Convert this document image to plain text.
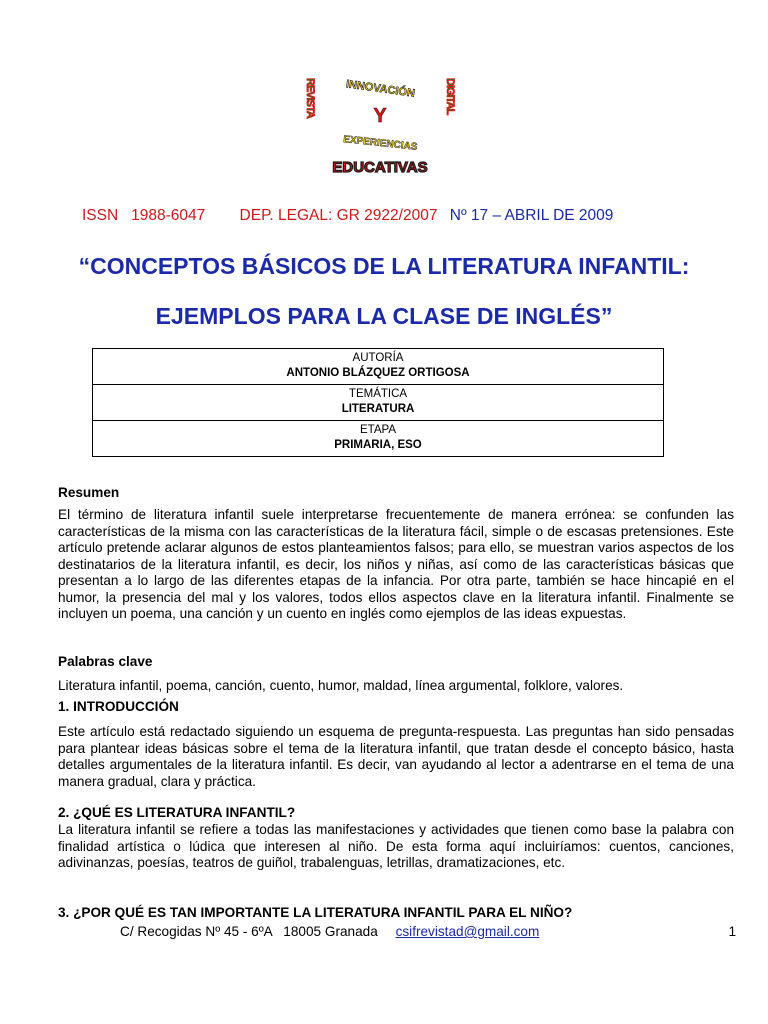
INNOVACIÓN
Y
EXPERIENCIAS
EDUCATIVAS
REVISTA	DIGITAL
ISSN   1988-6047 DEP. LEGAL: GR 2922/2007 Nº 17 – ABRIL DE 2009
“CONCEPTOS BÁSICOS DE LA LITERATURA INFANTIL:
EJEMPLOS PARA LA CLASE DE INGLÉS”
AUTORÍA
ANTONIO BLÁZQUEZ ORTIGOSA

TEMÁTICA
LITERATURA

ETAPA
PRIMARIA, ESO
Resumen
El término de literatura infantil suele interpretarse frecuentemente de manera errónea: se confunden las características de la misma con las características de la literatura fácil, simple o de escasas pretensiones. Este artículo pretende aclarar algunos de estos planteamientos falsos; para ello, se muestran varios aspectos de los destinatarios de la literatura infantil, es decir, los niños y niñas, así como de las características básicas que presentan a lo largo de las diferentes etapas de la infancia. Por otra parte, también se hace hincapié en el humor, la presencia del mal y los valores, todos ellos aspectos clave en la literatura infantil. Finalmente se incluyen un poema, una canción y un cuento en inglés como ejemplos de las ideas expuestas.
Palabras clave
Literatura infantil, poema, canción, cuento, humor, maldad, línea argumental, folklore, valores.
1. INTRODUCCIÓN
Este artículo está redactado siguiendo un esquema de pregunta-respuesta. Las preguntas han sido pensadas para plantear ideas básicas sobre el tema de la literatura infantil, que tratan desde el concepto básico, hasta detalles argumentales de la literatura infantil. Es decir, van ayudando al lector a adentrarse en el tema de una manera gradual, clara y práctica.
2. ¿QUÉ ES LITERATURA INFANTIL?
La literatura infantil se refiere a todas las manifestaciones y actividades que tienen como base la palabra con finalidad artística o lúdica que interesen al niño. De esta forma aquí incluiríamos: cuentos, canciones, adivinanzas, poesías, teatros de guiñol, trabalenguas, letrillas, dramatizaciones, etc.
3. ¿POR QUÉ ES TAN IMPORTANTE LA LITERATURA INFANTIL PARA EL NIÑO?
C/ Recogidas Nº 45 - 6ºA   18005 Granada csifrevistad@gmail.com	1
